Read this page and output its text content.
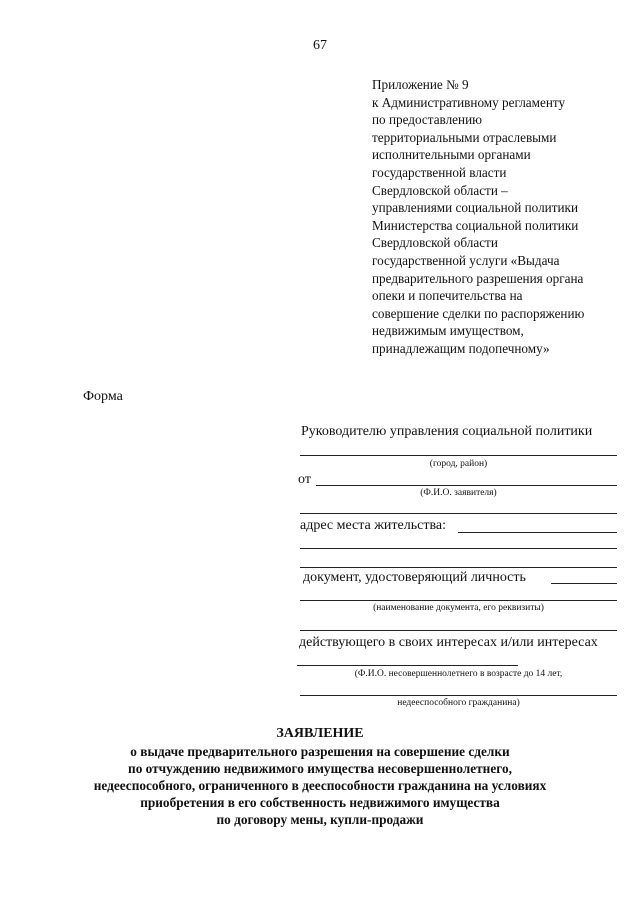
67
Приложение № 9
к Административному регламенту
по предоставлению
территориальными отраслевыми
исполнительными органами
государственной власти
Свердловской области –
управлениями социальной политики
Министерства социальной политики
Свердловской области
государственной услуги «Выдача
предварительного разрешения органа
опеки и попечительства на
совершение сделки по распоряжению
недвижимым имуществом,
принадлежащим подопечному»
Форма
Руководителю управления социальной политики
(город, район)
от
(Ф.И.О. заявителя)
адрес места жительства:
документ, удостоверяющий личность
(наименование документа, его реквизиты)
действующего в своих интересах и/или интересах
(Ф.И.О. несовершеннолетнего в возрасте до 14 лет,
недееспособного гражданина)
ЗАЯВЛЕНИЕ
о выдаче предварительного разрешения на совершение сделки
по отчуждению недвижимого имущества несовершеннолетнего,
недееспособного, ограниченного в дееспособности гражданина на условиях
приобретения в его собственность недвижимого имущества
по договору мены, купли-продажи
